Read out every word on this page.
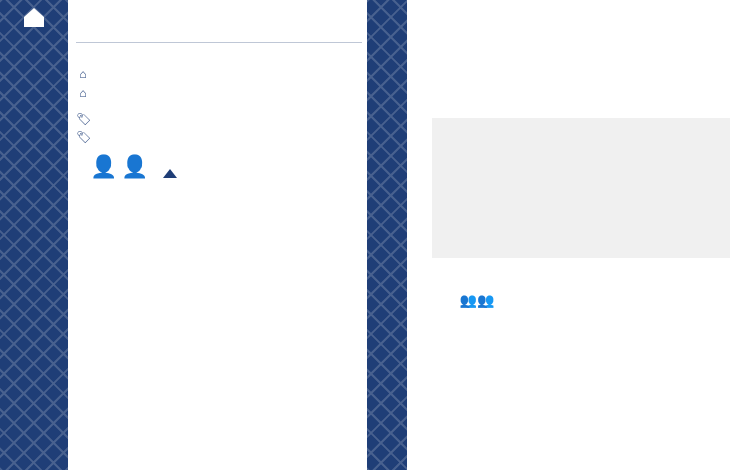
⌂

⌂

🏷

🏷

👤 👤

👥👥
